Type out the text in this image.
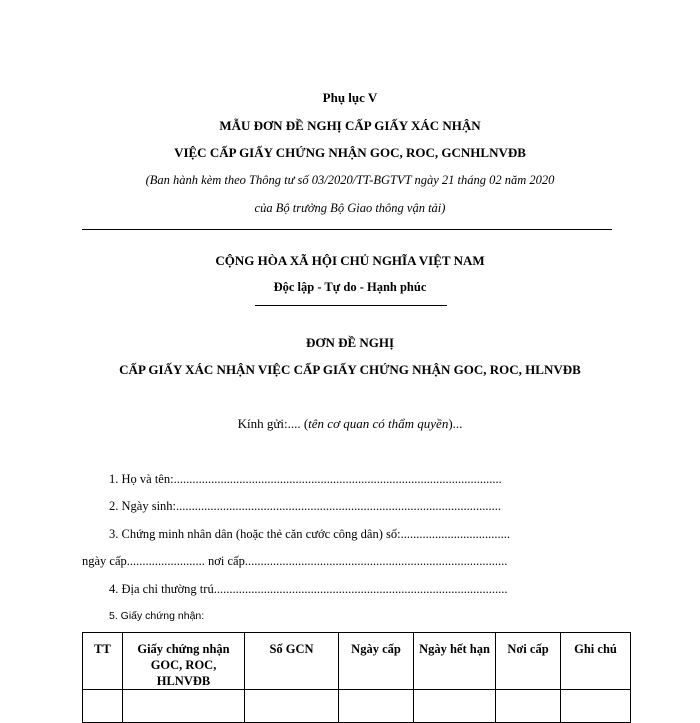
Phụ lục V
MẪU ĐƠN ĐỀ NGHỊ CẤP GIẤY XÁC NHẬN
VIỆC CẤP GIẤY CHỨNG NHẬN GOC, ROC, GCNHLNVĐB
(Ban hành kèm theo Thông tư số 03/2020/TT-BGTVT ngày 21 tháng 02 năm 2020
của Bộ trưởng Bộ Giao thông vận tải)
CỘNG HÒA XÃ HỘI CHỦ NGHĨA VIỆT NAM
Độc lập - Tự do - Hạnh phúc
ĐƠN ĐỀ NGHỊ
CẤP GIẤY XÁC NHẬN VIỆC CẤP GIẤY CHỨNG NHẬN GOC, ROC, HLNVĐB
Kính gửi:.... (tên cơ quan có thẩm quyền)...
1. Họ và tên:.........................................................................................................
2. Ngày sinh:........................................................................................................
3. Chứng minh nhân dân (hoặc thẻ căn cước công dân) số:...................................
ngày cấp......................... nơi cấp....................................................................................
4. Địa chỉ thường trú..............................................................................................
5. Giấy chứng nhận:
TT	Giấy chứng nhận GOC, ROC, HLNVĐB	Số GCN	Ngày cấp	Ngày hết hạn	Nơi cấp	Ghi chú
